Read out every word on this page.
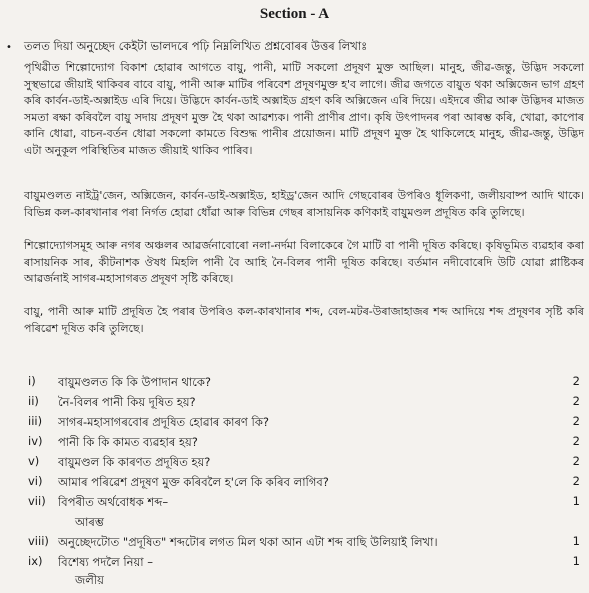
Section - A
• তলত দিয়া অনুচ্ছেদ কেইটা ভালদৰে পঢ়ি নিম্নলিখিত প্ৰশ্নবোৰৰ উত্তৰ লিখাঃ
পৃথিৱীত শিল্পোদ্যোগ বিকাশ হোৱাৰ আগতে বায়ু, পানী, মাটি সকলো প্ৰদূষণ মুক্ত আছিল। মানুহ, জীৱ-জন্তু, উদ্ভিদ সকলো সুস্থভাৱে জীয়াই থাকিবৰ বাবে বায়ু, পানী আৰু মাটিৰ পৰিবেশ প্ৰদূষণমুক্ত হ'ব লাগে। জীৱ জগতে বায়ুত থকা অক্সিজেন ভাগ গ্ৰহণ কৰি কাৰ্বন-ডাই-অক্সাইড এৰি দিয়ে। উদ্ভিদে কাৰ্বন-ডাই অক্সাইড গ্ৰহণ কৰি অক্সিজেন এৰি দিয়ে। এইদৰে জীৱ আৰু উদ্ভিদৰ মাজত সমতা ৰক্ষা কৰিবলৈ বায়ু সদায় প্ৰদূষণ মুক্ত হৈ থকা আৱশ্যক। পানী প্ৰাণীৰ প্ৰাণ। কৃষি উৎপাদনৰ পৰা আৰম্ভ কৰি, খোৱা, কাপোৰ কানি ধোৱা, বাচন-বৰ্তন ধোৱা সকলো কামতে বিশুদ্ধ পানীৰ প্ৰয়োজন। মাটি প্ৰদূষণ মুক্ত হৈ থাকিলেহে মানুহ, জীৱ-জন্তু, উদ্ভিদ এটা অনুকূল পৰিস্থিতিৰ মাজত জীয়াই থাকিব পাৰিব।
বায়ুমণ্ডলত নাইট্ৰ'জেন, অক্সিজেন, কাৰ্বন-ডাই-অক্সাইড, হাইড্ৰ'জেন আদি গেছবোৰৰ উপৰিও ধূলিকণা, জলীয়বাষ্প আদি থাকে। বিভিন্ন কল-কাৰখানাৰ পৰা নিৰ্গত হোৱা ধোঁৱা আৰু বিভিন্ন গেছৰ ৰাসায়নিক কণিকাই বায়ুমণ্ডল প্ৰদূষিত কৰি তুলিছে।
শিল্পোদ্যোগসমূহ আৰু নগৰ অঞ্চলৰ আৱৰ্জনাবোৰো নলা-নৰ্দমা বিলাকেৰে গৈ মাটি বা পানী দূষিত কৰিছে। কৃষিভূমিত ব্যৱহাৰ কৰা ৰাসায়নিক সাৰ, কীটনাশক ঔষধ মিহলি পানী বৈ আহি নৈ-বিলৰ পানী দূষিত কৰিছে। বৰ্তমান নদীবোৰেদি উটি যোৱা প্লাষ্টিকৰ আৱৰ্জনাই সাগৰ-মহাসাগৰত প্ৰদূষণ সৃষ্টি কৰিছে।
বায়ু, পানী আৰু মাটি প্ৰদূষিত হৈ পৰাৰ উপৰিও কল-কাৰখানাৰ শব্দ, বেল-মটৰ-উৰাজাহাজৰ শব্দ আদিয়ে শব্দ প্ৰদূষণৰ সৃষ্টি কৰি পৰিৱেশ দূষিত কৰি তুলিছে।
i)	বায়ুমণ্ডলত কি কি উপাদান থাকে?	2
ii)	নৈ-বিলৰ পানী কিয় দূষিত হয়?	2
iii)	সাগৰ-মহাসাগৰবোৰ প্ৰদূষিত হোৱাৰ কাৰণ কি?	2
iv)	পানী কি কি কামত ব্যৱহাৰ হয়?	2
v)	বায়ুমণ্ডল কি কাৰণত প্ৰদূষিত হয়?	2
vi)	আমাৰ পৰিৱেশ প্ৰদূষণ মুক্ত কৰিবলৈ হ'লে কি কৰিব লাগিব?	2
vii)	বিপৰীত অৰ্থবোধক শব্দ–	1
আৰম্ভ
viii) অনুচ্ছেদটোত "প্ৰদূষিত" শব্দটোৰ লগত মিল থকা আন এটা শব্দ বাছি উলিয়াই লিখা।	1
ix)	বিশেষ্য পদলৈ নিয়া –	1
জলীয়
